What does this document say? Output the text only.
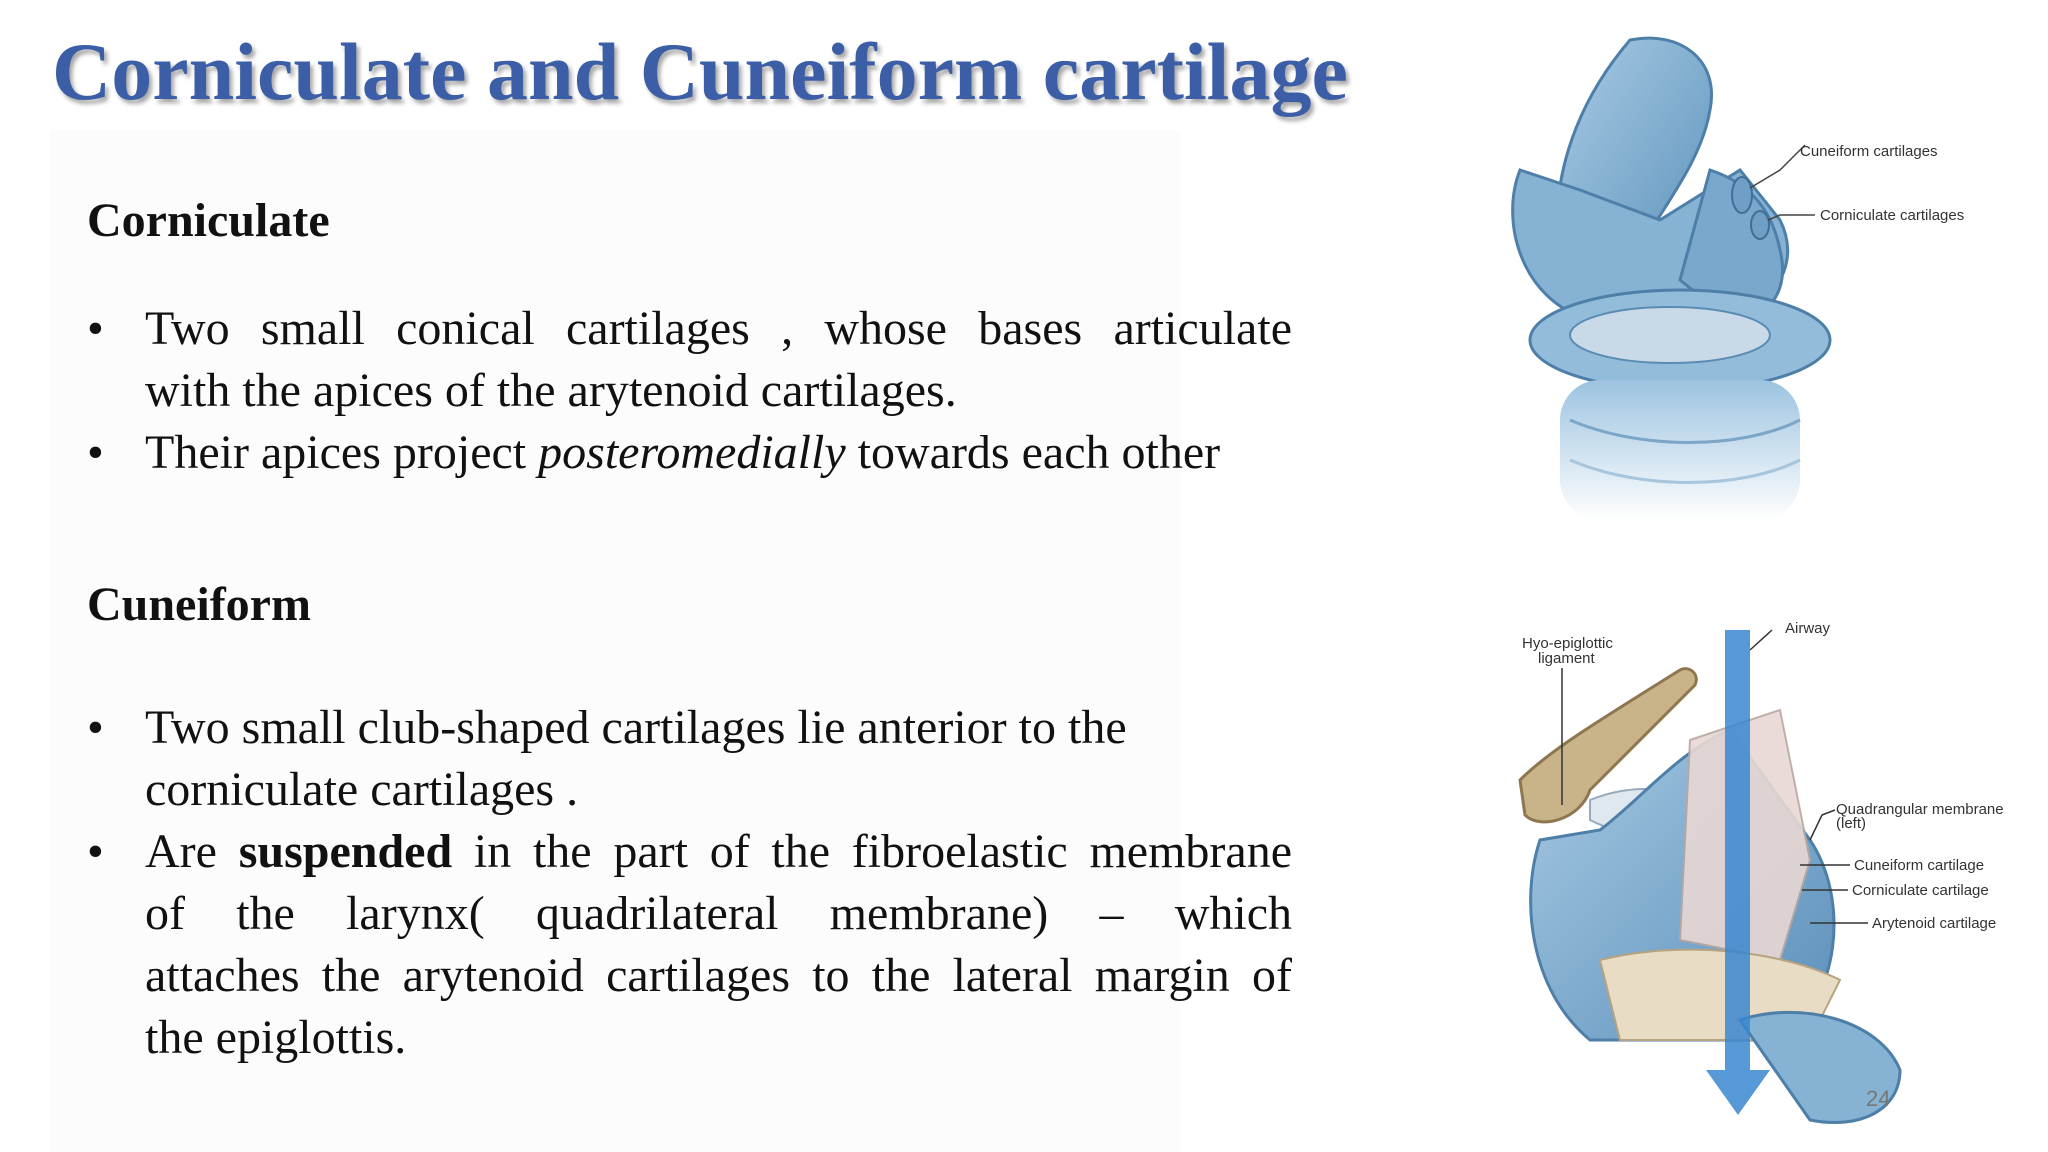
Corniculate and Cuneiform cartilage
Corniculate
• Two small conical cartilages , whose bases articulate
with the apices of the arytenoid cartilages.
• Their apices project posteromedially towards each other
Cuneiform
• Two small club-shaped cartilages lie anterior to the
corniculate cartilages .
• Are suspended in the part of the fibroelastic membrane
of the larynx( quadrilateral membrane) – which
attaches the arytenoid cartilages to the lateral margin of
the epiglottis.
Cuneiform cartilages
Corniculate cartilages
Hyo-epiglottic
ligament
Airway
Quadrangular membrane
(left)
Cuneiform cartilage
Corniculate cartilage
Arytenoid cartilage
24
